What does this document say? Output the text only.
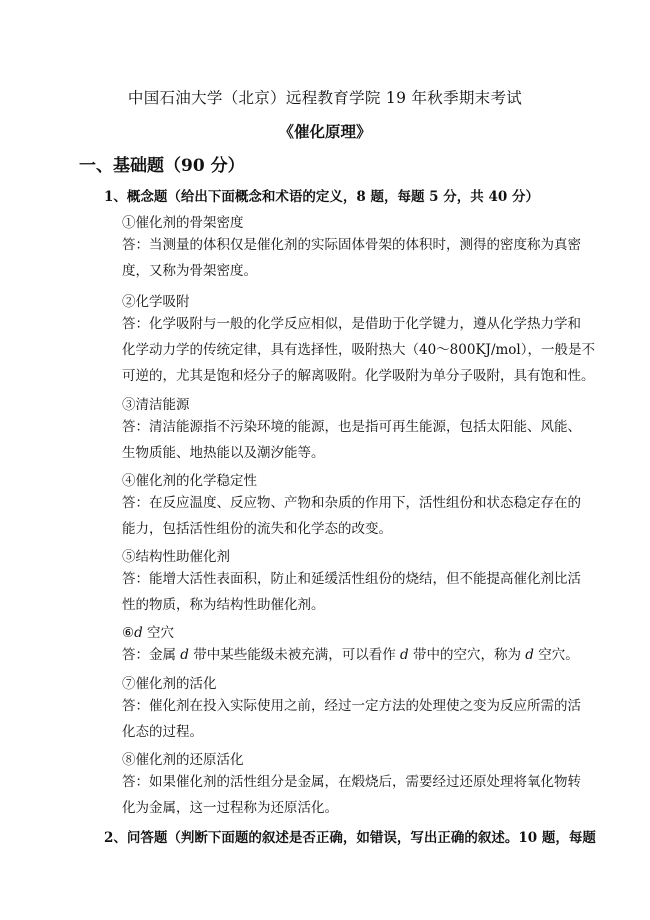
中国石油大学（北京）远程教育学院 19 年秋季期末考试
《催化原理》
一、基础题（90 分）
1、概念题（给出下面概念和术语的定义，8 题，每题 5 分，共 40 分）
①催化剂的骨架密度
答：当测量的体积仅是催化剂的实际固体骨架的体积时，测得的密度称为真密
度，又称为骨架密度。
②化学吸附
答：化学吸附与一般的化学反应相似，是借助于化学键力，遵从化学热力学和
化学动力学的传统定律，具有选择性，吸附热大（40～800KJ/mol），一般是不
可逆的，尤其是饱和烃分子的解离吸附。化学吸附为单分子吸附，具有饱和性。
③清洁能源
答：清洁能源指不污染环境的能源，也是指可再生能源，包括太阳能、风能、
生物质能、地热能以及潮汐能等。
④催化剂的化学稳定性
答：在反应温度、反应物、产物和杂质的作用下，活性组份和状态稳定存在的
能力，包括活性组份的流失和化学态的改变。
⑤结构性助催化剂
答：能增大活性表面积，防止和延缓活性组份的烧结，但不能提高催化剂比活
性的物质，称为结构性助催化剂。
⑥d 空穴
答：金属 d 带中某些能级未被充满，可以看作 d 带中的空穴，称为 d 空穴。
⑦催化剂的活化
答：催化剂在投入实际使用之前，经过一定方法的处理使之变为反应所需的活
化态的过程。
⑧催化剂的还原活化
答：如果催化剂的活性组分是金属，在煅烧后，需要经过还原处理将氧化物转
化为金属，这一过程称为还原活化。
2、问答题（判断下面题的叙述是否正确，如错误，写出正确的叙述。10 题，每题
